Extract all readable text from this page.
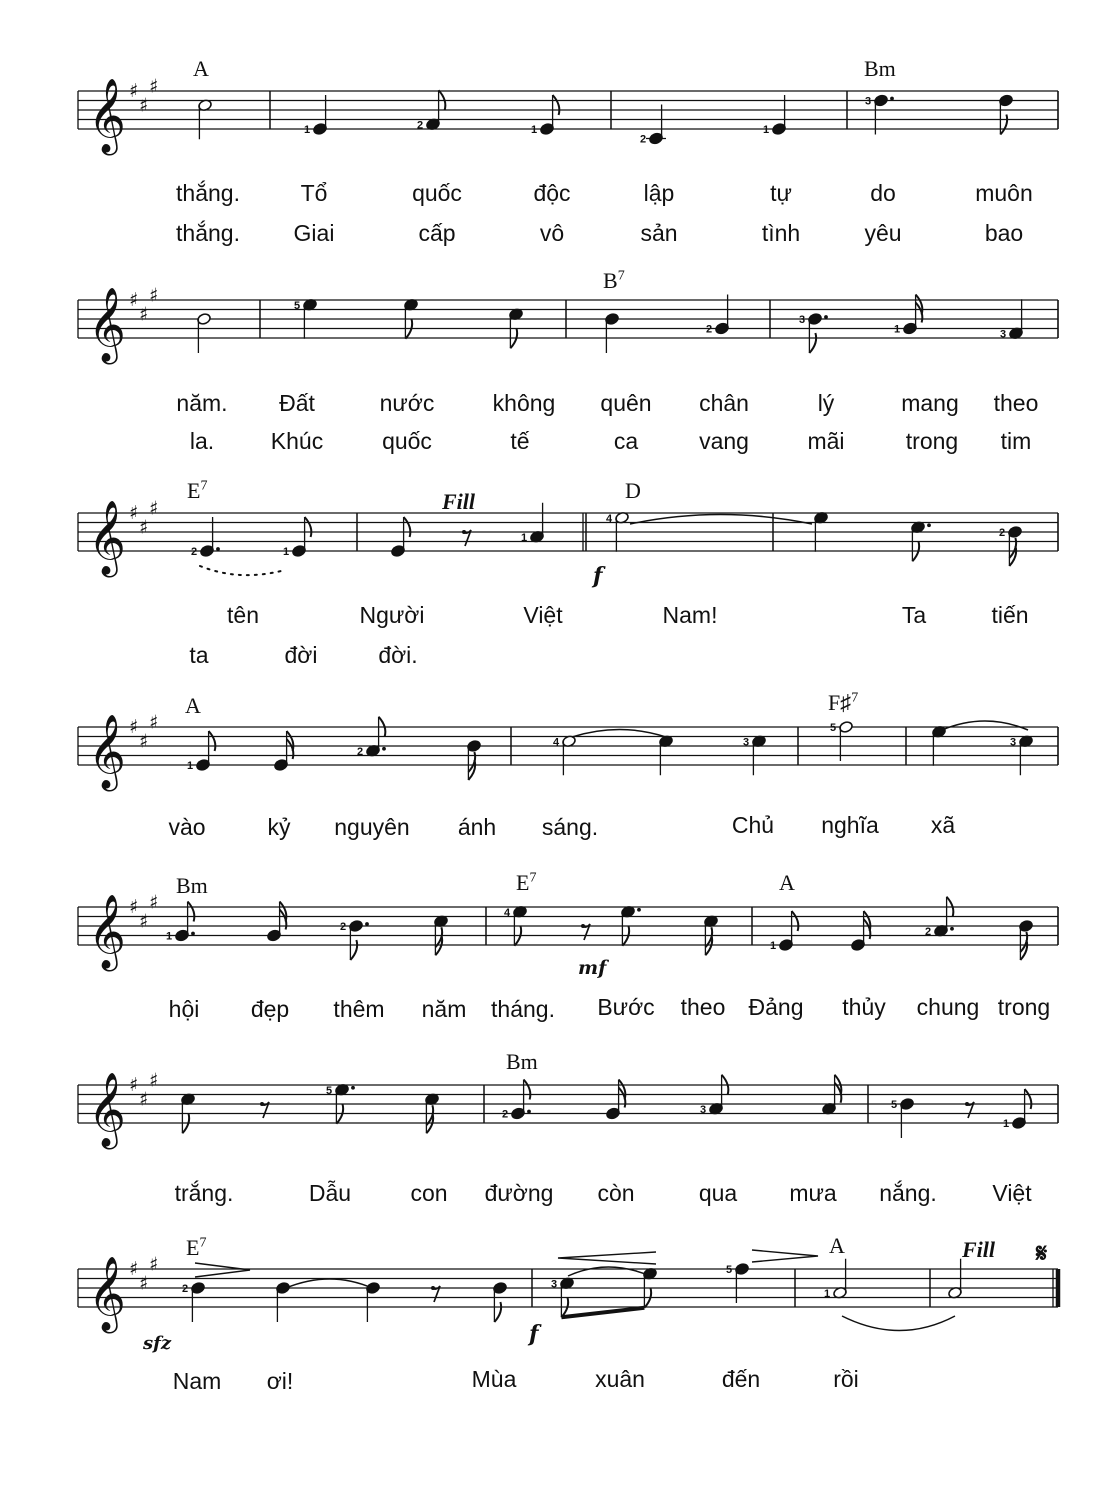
𝄞 ♯
♯
♯
𝄞 ♯
♯
♯
𝄞 ♯
♯
♯
𝄞 ♯
♯
♯
𝄞 ♯
♯
♯
𝄞 ♯
♯
♯
𝄞 ♯
♯
♯	𝄋
1	2	1
2
1
3
5
2
3
1	3
2	1
1
4
2
1
2
4	3
5
3
1
2
4
1
2
5
2	3	5
1
2	3
5
1
A	Bm
$B^7$
$E^7$	D
A	F♯$^7$
Bm	$E^7$	A
Bm
$E^7$	A
Fill
Fill
f
mf
sfz	f
thắng.	Tổ	quốc	độc	lập	tự	do	muôn
thắng. Giai	cấp	vô	sản	tình	yêu	bao
năm. Đất	nước	không quên chân	lý	mang theo
la. Khúc	quốc	tế	ca	vang	mãi	trong tim
tên	Người	Việt	Nam!	Ta	tiến
ta	đời	đời.
vào	kỷ nguyên ánh sáng.	Chủ nghĩa xã
hội đẹp thêm năm tháng. Bước theo Đảng thủy chung trong
trắng.	Dẫu	con đường còn	qua mưa nắng. Việt
Nam ơi!	Mùa	xuân	đến	rồi
